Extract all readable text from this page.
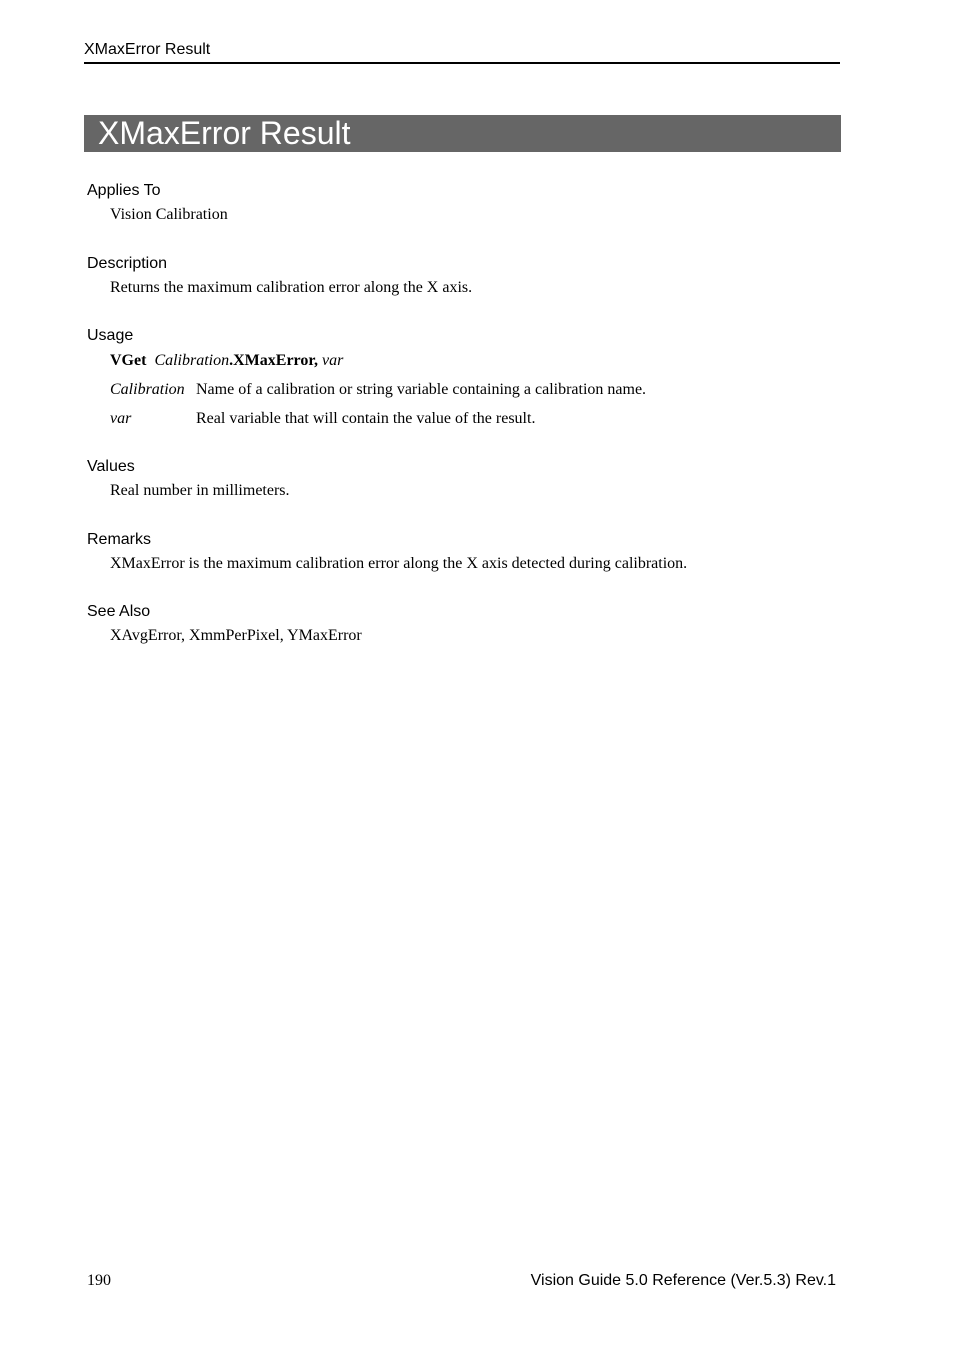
XMaxError Result
XMaxError Result
Applies To
Vision Calibration
Description
Returns the maximum calibration error along the X axis.
Usage
VGet Calibration.XMaxError, var
Calibration Name of a calibration or string variable containing a calibration name.
var	Real variable that will contain the value of the result.
Values
Real number in millimeters.
Remarks
XMaxError is the maximum calibration error along the X axis detected during calibration.
See Also
XAvgError, XmmPerPixel, YMaxError
190	Vision Guide 5.0 Reference (Ver.5.3) Rev.1
